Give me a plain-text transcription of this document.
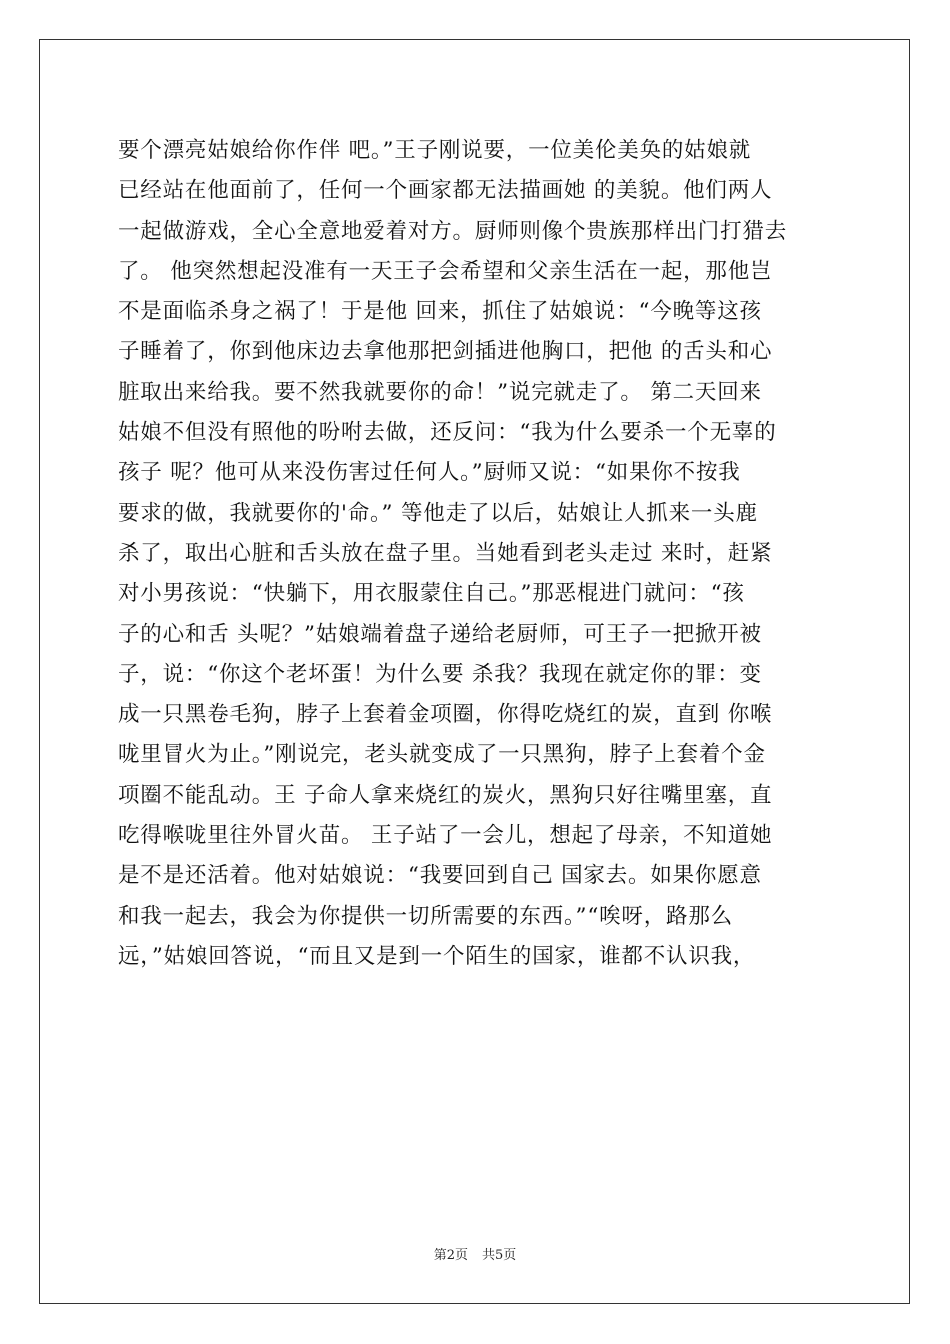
要个漂亮姑娘给你作伴 吧。”王子刚说要，一位美伦美奂的姑娘就
已经站在他面前了，任何一个画家都无法描画她 的美貌。他们两人
一起做游戏，全心全意地爱着对方。厨师则像个贵族那样出门打猎去
了。 他突然想起没准有一天王子会希望和父亲生活在一起，那他岂
不是面临杀身之祸了！于是他 回来，抓住了姑娘说：“今晚等这孩
子睡着了，你到他床边去拿他那把剑插进他胸口，把他 的舌头和心
脏取出来给我。要不然我就要你的命！”说完就走了。 第二天回来
姑娘不但没有照他的吩咐去做，还反问：“我为什么要杀一个无辜的
孩子 呢？他可从来没伤害过任何人。”厨师又说：“如果你不按我
要求的做，我就要你的'命。” 等他走了以后，姑娘让人抓来一头鹿
杀了，取出心脏和舌头放在盘子里。当她看到老头走过 来时，赶紧
对小男孩说：“快躺下，用衣服蒙住自己。”那恶棍进门就问：“孩
子的心和舌 头呢？”姑娘端着盘子递给老厨师，可王子一把掀开被
子，说：“你这个老坏蛋！为什么要 杀我？我现在就定你的罪：变
成一只黑卷毛狗，脖子上套着金项圈，你得吃烧红的炭，直到 你喉
咙里冒火为止。”刚说完，老头就变成了一只黑狗，脖子上套着个金
项圈不能乱动。王 子命人拿来烧红的炭火，黑狗只好往嘴里塞，直
吃得喉咙里往外冒火苗。 王子站了一会儿，想起了母亲，不知道她
是不是还活着。他对姑娘说：“我要回到自己 国家去。如果你愿意
和我一起去，我会为你提供一切所需要的东西。”“唉呀，路那么
远，”姑娘回答说，“而且又是到一个陌生的国家，谁都不认识我，
第2页 共5页
